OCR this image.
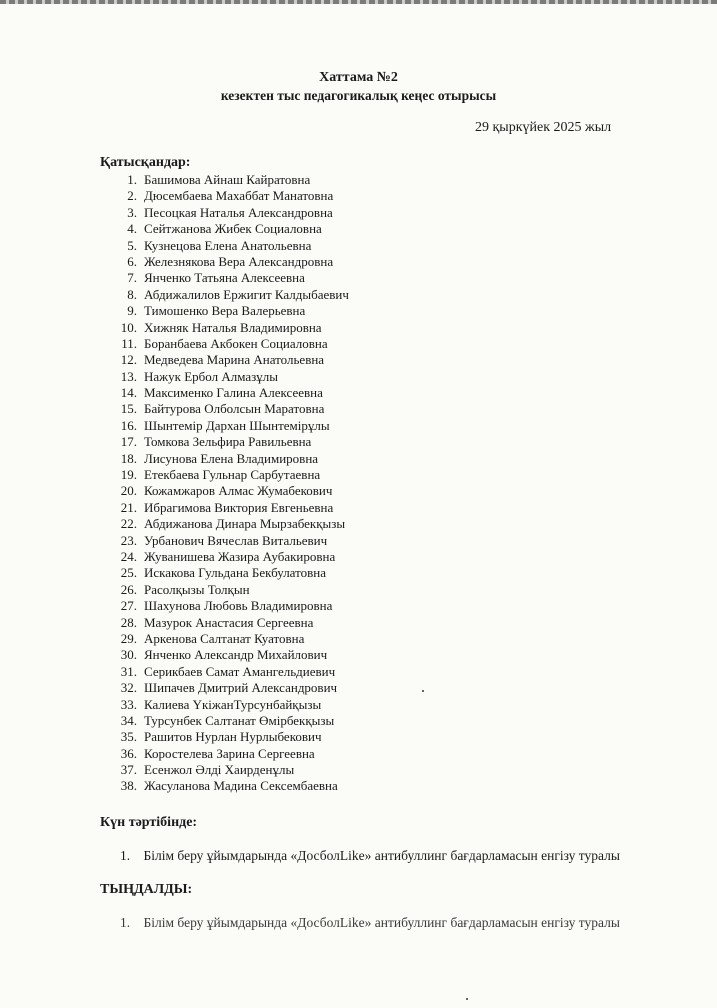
Хаттама №2
кезектен тыс педагогикалық кеңес отырысы
29 қыркүйек 2025 жыл
Қатысқандар:
1. Башимова Айнаш Кайратовна
2. Дюсембаева Махаббат Манатовна
3. Песоцкая Наталья Александровна
4. Сейтжанова Жибек Социаловна
5. Кузнецова Елена Анатольевна
6. Железнякова Вера Александровна
7. Янченко Татьяна Алексеевна
8. Абдижалилов Ержигит Калдыбаевич
9. Тимошенко Вера Валерьевна
10. Хижняк Наталья Владимировна
11. Боранбаева Акбокен Социаловна
12. Медведева Марина Анатольевна
13. Нажук Ербол Алмазұлы
14. Максименко Галина Алексеевна
15. Байтурова Олболсын Маратовна
16. Шынтемір Дархан Шынтемірұлы
17. Томкова Зельфира Равильевна
18. Лисунова Елена Владимировна
19. Етекбаева Гульнар Сарбутаевна
20. Кожамжаров Алмас Жумабекович
21. Ибрагимова Виктория Евгеньевна
22. Абдижанова Динара Мырзабекқызы
23. Урбанович Вячеслав Витальевич
24. Жуванишева Жазира Аубакировна
25. Искакова Гульдана Бекбулатовна
26. Расолқызы Толқын
27. Шахунова Любовь Владимировна
28. Мазурок Анастасия Сергеевна
29. Аркенова Салтанат Куатовна
30. Янченко Александр Михайлович
31. Серикбаев Самат Амангельдиевич
32. Шипачев Дмитрий Александрович
33. Калиева ҮкіжанТурсунбайқызы
34. Турсунбек Салтанат Өмірбекқызы
35. Рашитов Нурлан Нурлыбекович
36. Коростелева Зарина Сергеевна
37. Есенжол Әлді Хаирденұлы
38. Жасуланова Мадина Сексембаевна
Күн тәртібінде:
1. Білім беру ұйымдарында «ДосболLike» антибуллинг бағдарламасын енгізу туралы
ТЫҢДАЛДЫ:
1. Білім беру ұйымдарында «ДосболLike» антибуллинг бағдарламасын енгізу туралы
